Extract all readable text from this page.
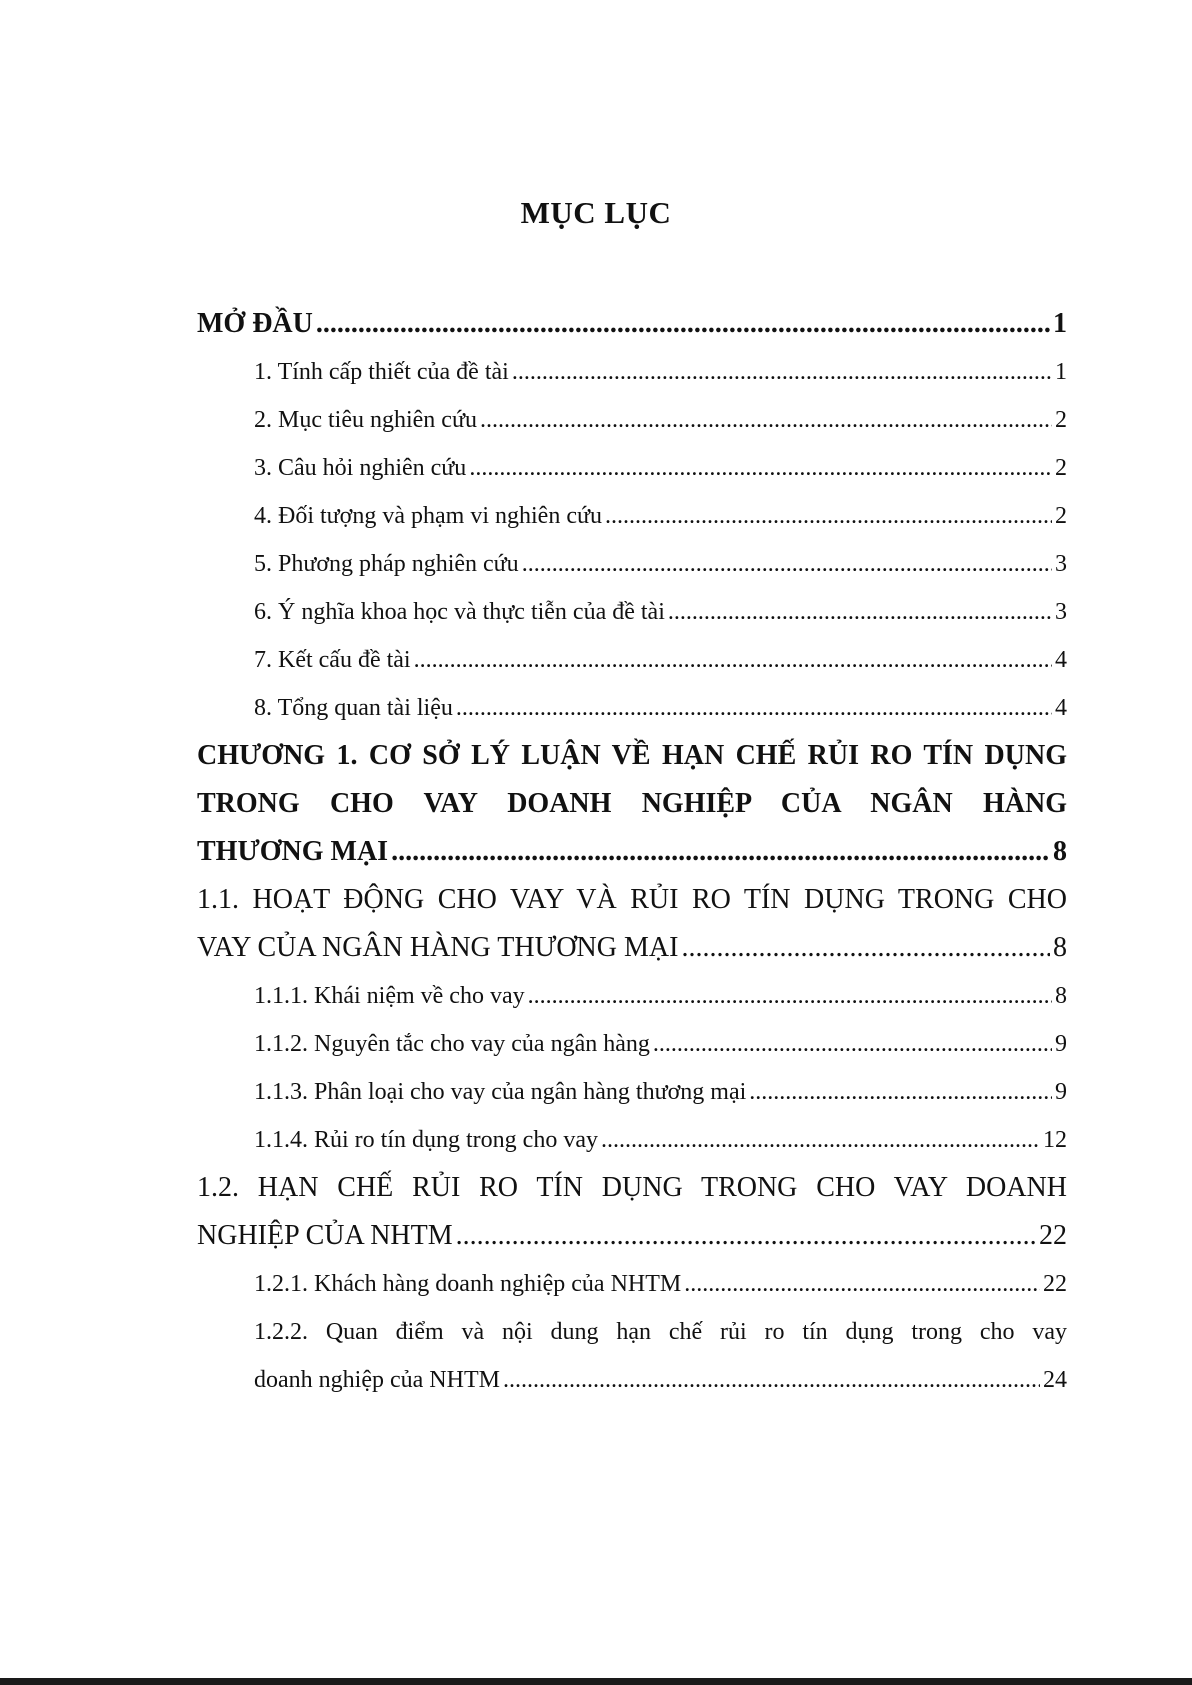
MỤC LỤC
MỞ ĐẦU .....	1
1. Tính cấp thiết của đề tài .....	1
2. Mục tiêu nghiên cứu .....	2
3. Câu hỏi nghiên cứu .....	2
4. Đối tượng và phạm vi nghiên cứu .....	2
5. Phương pháp nghiên cứu .....	3
6. Ý nghĩa khoa học và thực tiễn của đề tài .....	3
7. Kết cấu đề tài .....	4
8. Tổng quan tài liệu .....	4
CHƯƠNG 1. CƠ SỞ LÝ LUẬN VỀ HẠN CHẾ RỦI RO TÍN DỤNG
TRONG CHO VAY DOANH NGHIỆP CỦA NGÂN HÀNG
THƯƠNG MẠI .....	8
1.1. HOẠT ĐỘNG CHO VAY VÀ RỦI RO TÍN DỤNG TRONG CHO
VAY CỦA NGÂN HÀNG THƯƠNG MẠI .....	8
1.1.1. Khái niệm về cho vay .....	8
1.1.2. Nguyên tắc cho vay của ngân hàng .....	9
1.1.3. Phân loại cho vay của ngân hàng thương mại .....	9
1.1.4. Rủi ro tín dụng trong cho vay .....	12
1.2. HẠN CHẾ RỦI RO TÍN DỤNG TRONG CHO VAY DOANH
NGHIỆP CỦA NHTM .....	22
1.2.1. Khách hàng doanh nghiệp của NHTM .....	22
1.2.2. Quan điểm và nội dung hạn chế rủi ro tín dụng trong cho vay
doanh nghiệp của NHTM .....	24
